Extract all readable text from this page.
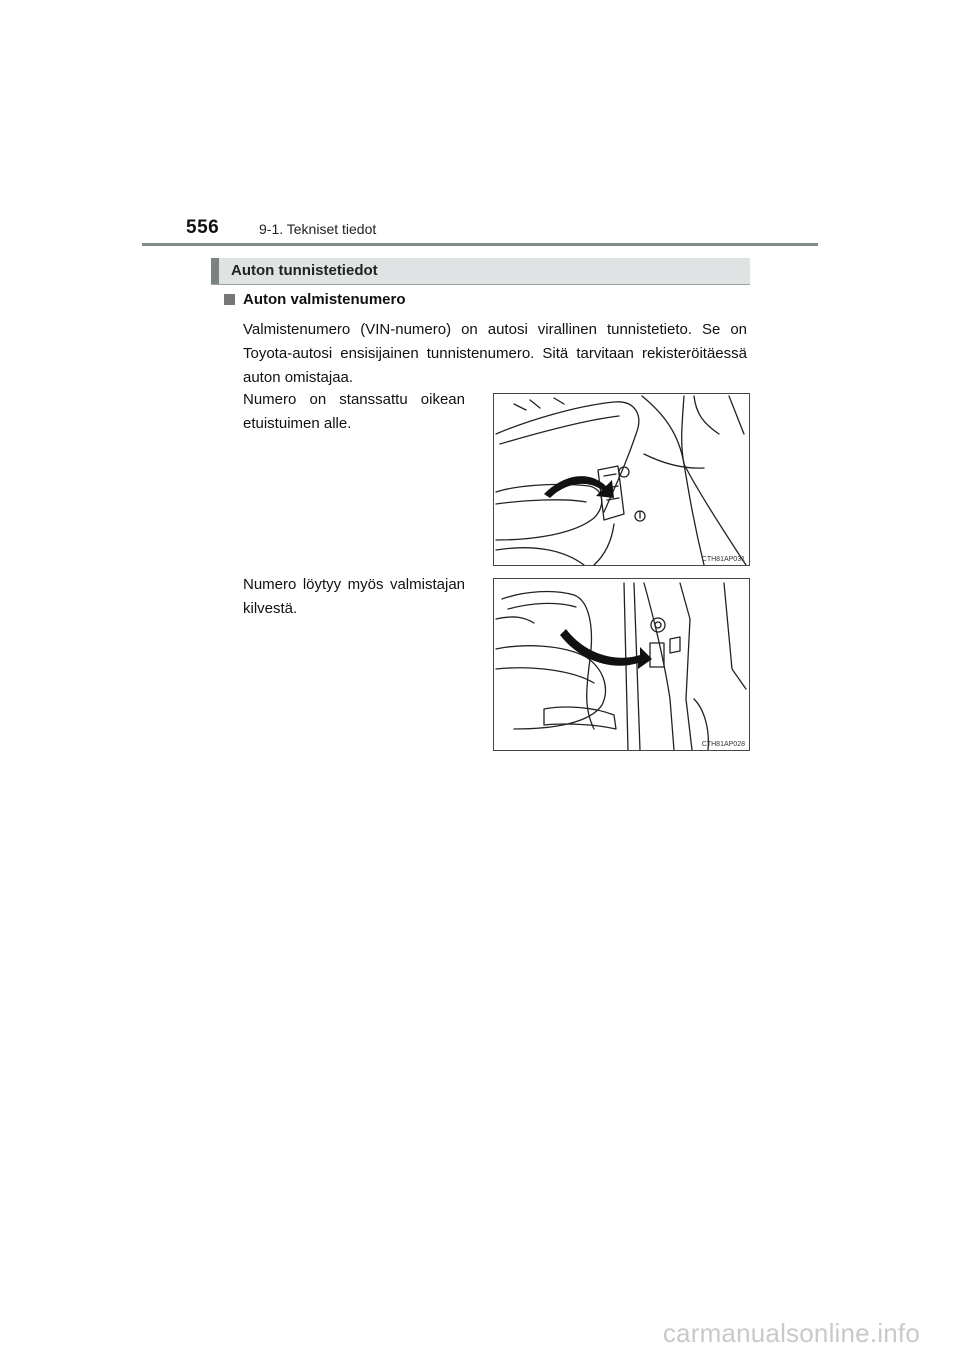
556	9-1. Tekniset tiedot
Auton tunnistetiedot
Auton valmistenumero
Valmistenumero (VIN-numero) on autosi virallinen tunnistetieto. Se on Toyota-autosi ensisijainen tunnistenumero. Sitä tarvitaan rekisteröitäessä auton omistajaa.
Numero on stanssattu oikean etuistuimen alle.
CTH81AP031
Numero löytyy myös valmistajan kilvestä.
CTH81AP028
carmanualsonline.info
